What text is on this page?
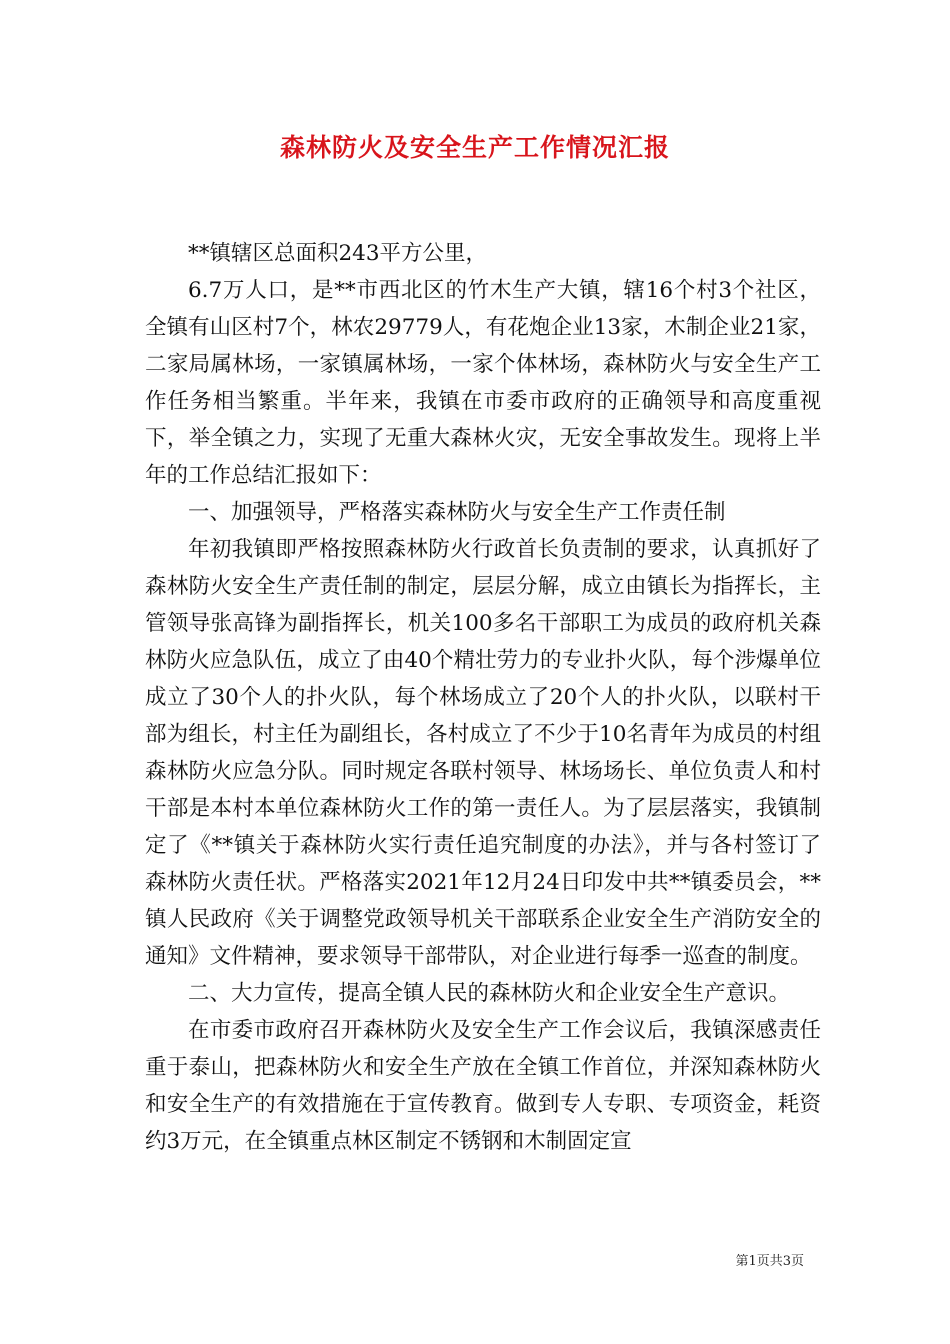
森林防火及安全生产工作情况汇报

**镇辖区总面积243平方公里，

6.7万人口，是**市西北区的竹木生产大镇，辖16个村3个社区，全镇有山区村7个，林农29779人，有花炮企业13家，木制企业21家，二家局属林场，一家镇属林场，一家个体林场，森林防火与安全生产工作任务相当繁重。半年来，我镇在市委市政府的正确领导和高度重视下，举全镇之力，实现了无重大森林火灾，无安全事故发生。现将上半年的工作总结汇报如下：

一、加强领导，严格落实森林防火与安全生产工作责任制

年初我镇即严格按照森林防火行政首长负责制的要求，认真抓好了森林防火安全生产责任制的制定，层层分解，成立由镇长为指挥长，主管领导张高锋为副指挥长，机关100多名干部职工为成员的政府机关森林防火应急队伍，成立了由40个精壮劳力的专业扑火队，每个涉爆单位成立了30个人的扑火队，每个林场成立了20个人的扑火队，以联村干部为组长，村主任为副组长，各村成立了不少于10名青年为成员的村组森林防火应急分队。同时规定各联村领导、林场场长、单位负责人和村干部是本村本单位森林防火工作的第一责任人。为了层层落实，我镇制定了《**镇关于森林防火实行责任追究制度的办法》，并与各村签订了森林防火责任状。严格落实2021年12月24日印发中共**镇委员会，**镇人民政府《关于调整党政领导机关干部联系企业安全生产消防安全的通知》文件精神，要求领导干部带队，对企业进行每季一巡查的制度。

二、大力宣传，提高全镇人民的森林防火和企业安全生产意识。

在市委市政府召开森林防火及安全生产工作会议后，我镇深感责任重于泰山，把森林防火和安全生产放在全镇工作首位，并深知森林防火和安全生产的有效措施在于宣传教育。做到专人专职、专项资金，耗资约3万元，在全镇重点林区制定不锈钢和木制固定宣

第1页共3页
